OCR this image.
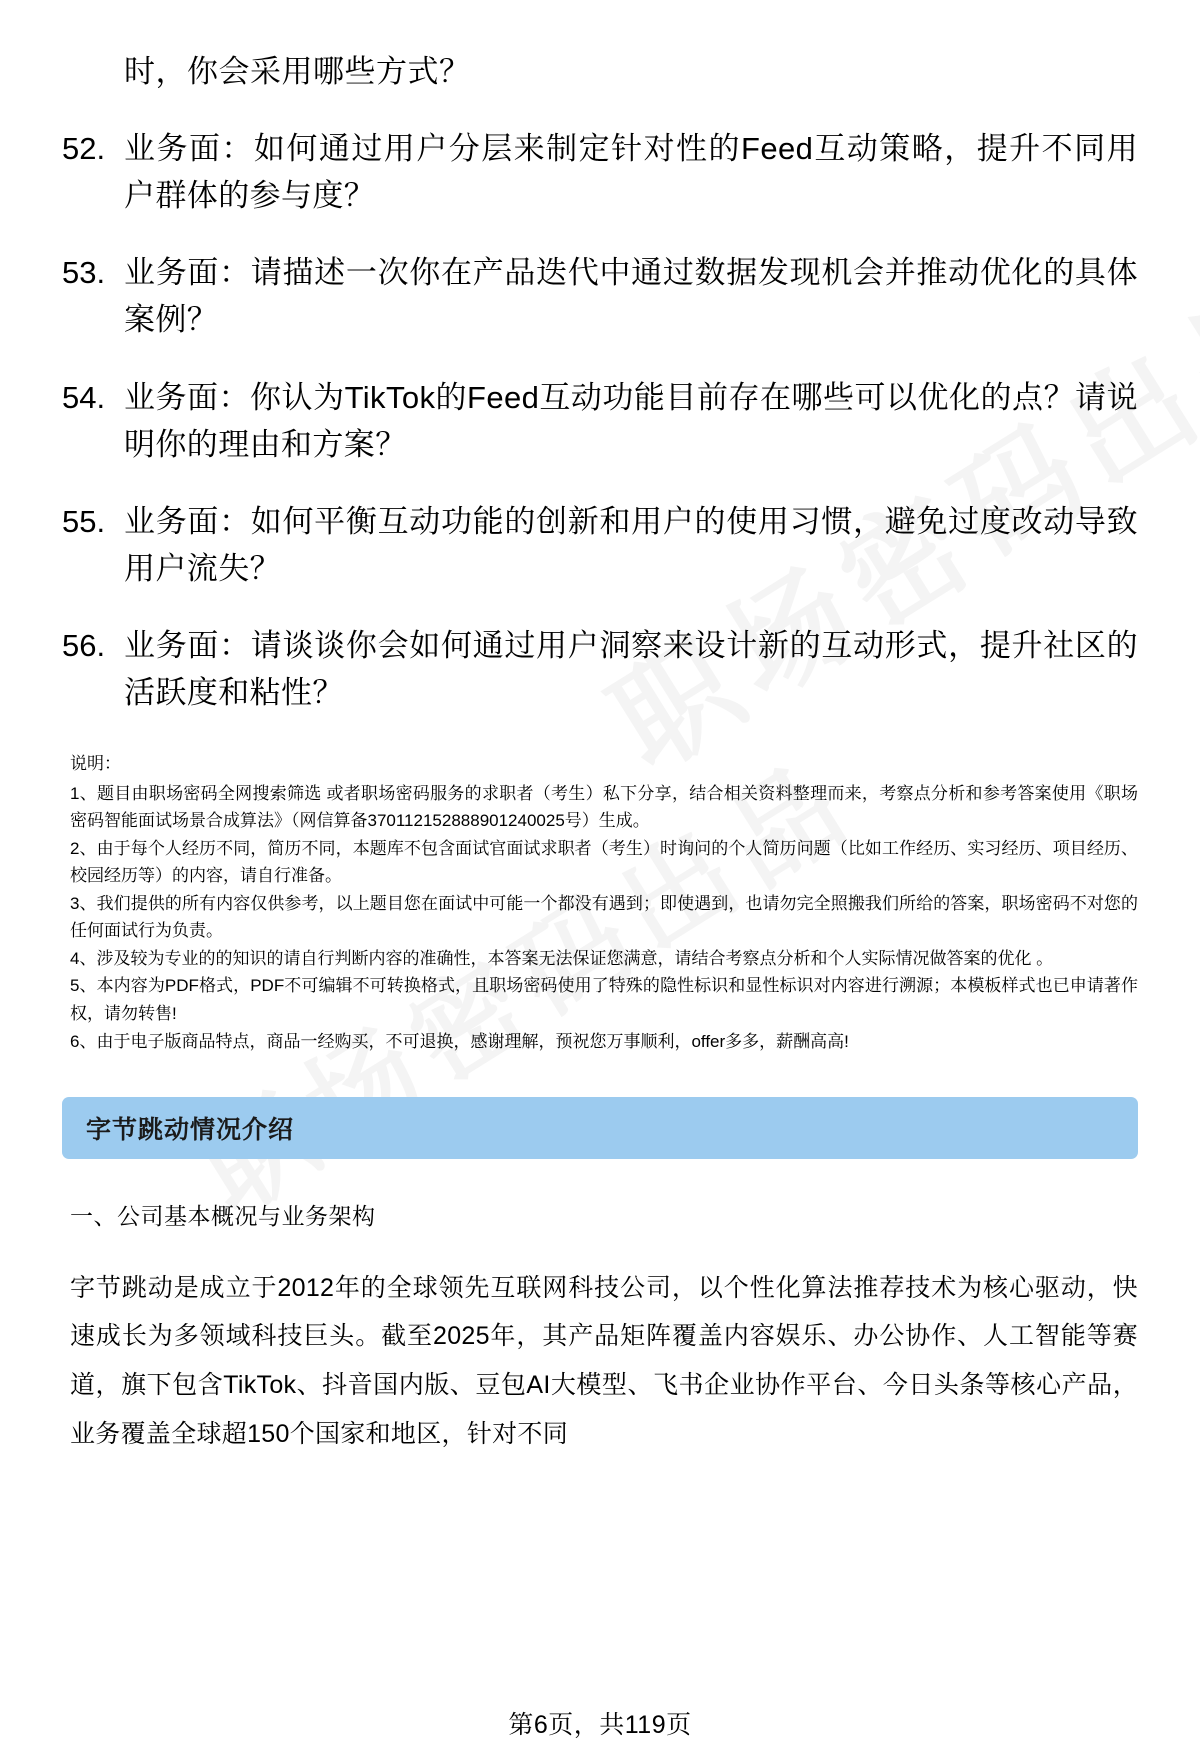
时，你会采用哪些方式？
52. 业务面：如何通过用户分层来制定针对性的Feed互动策略，提升不同用户群体的参与度？
53. 业务面：请描述一次你在产品迭代中通过数据发现机会并推动优化的具体案例？
54. 业务面：你认为TikTok的Feed互动功能目前存在哪些可以优化的点？请说明你的理由和方案？
55. 业务面：如何平衡互动功能的创新和用户的使用习惯，避免过度改动导致用户流失？
56. 业务面：请谈谈你会如何通过用户洞察来设计新的互动形式，提升社区的活跃度和粘性？
说明：

1、题目由职场密码全网搜索筛选 或者职场密码服务的求职者（考生）私下分享，结合相关资料整理而来，考察点分析和参考答案使用《职场密码智能面试场景合成算法》（网信算备370112152888901240025号）生成。

2、由于每个人经历不同，简历不同，本题库不包含面试官面试求职者（考生）时询问的个人简历问题（比如工作经历、实习经历、项目经历、校园经历等）的内容，请自行准备。

3、我们提供的所有内容仅供参考，以上题目您在面试中可能一个都没有遇到；即使遇到，也请勿完全照搬我们所给的答案，职场密码不对您的任何面试行为负责。

4、涉及较为专业的的知识的请自行判断内容的准确性，本答案无法保证您满意，请结合考察点分析和个人实际情况做答案的优化 。

5、本内容为PDF格式，PDF不可编辑不可转换格式，且职场密码使用了特殊的隐性标识和显性标识对内容进行溯源；本模板样式也已申请著作权，请勿转售!

6、由于电子版商品特点，商品一经购买，不可退换，感谢理解，预祝您万事顺利，offer多多，薪酬高高!

字节跳动情况介绍
一、公司基本概况与业务架构
字节跳动是成立于2012年的全球领先互联网科技公司，以个性化算法推荐技术为核心驱动，快速成长为多领域科技巨头。截至2025年，其产品矩阵覆盖内容娱乐、办公协作、人工智能等赛道，旗下包含TikTok、抖音国内版、豆包AI大模型、飞书企业协作平台、今日头条等核心产品，业务覆盖全球超150个国家和地区，针对不同
第6页，共119页
